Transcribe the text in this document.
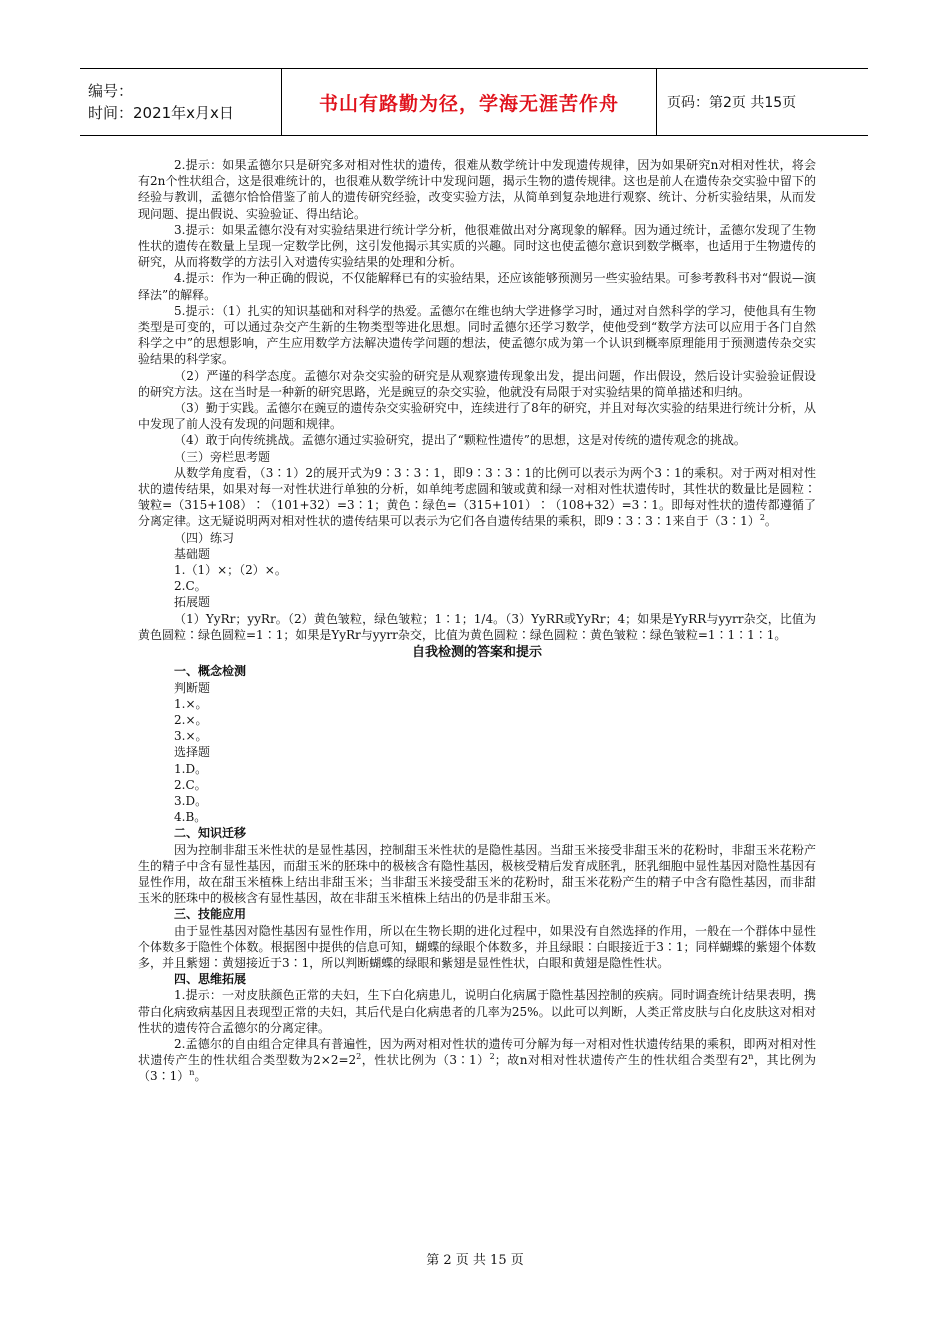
编号：
时间：2021年x月x日	书山有路勤为径，学海无涯苦作舟	页码：第2页 共15页

2.提示：如果孟德尔只是研究多对相对性状的遗传，很难从数学统计中发现遗传规律，因为如果研究n对相对性状，将会有2n个性状组合，这是很难统计的，也很难从数学统计中发现问题，揭示生物的遗传规律。这也是前人在遗传杂交实验中留下的经验与教训，孟德尔恰恰借鉴了前人的遗传研究经验，改变实验方法，从简单到复杂地进行观察、统计、分析实验结果，从而发现问题、提出假说、实验验证、得出结论。

3.提示：如果孟德尔没有对实验结果进行统计学分析，他很难做出对分离现象的解释。因为通过统计，孟德尔发现了生物性状的遗传在数量上呈现一定数学比例，这引发他揭示其实质的兴趣。同时这也使孟德尔意识到数学概率，也适用于生物遗传的研究，从而将数学的方法引入对遗传实验结果的处理和分析。

4.提示：作为一种正确的假说，不仅能解释已有的实验结果，还应该能够预测另一些实验结果。可参考教科书对“假说—演绎法”的解释。

5.提示：（1）扎实的知识基础和对科学的热爱。孟德尔在维也纳大学进修学习时，通过对自然科学的学习，使他具有生物类型是可变的，可以通过杂交产生新的生物类型等进化思想。同时孟德尔还学习数学，使他受到“数学方法可以应用于各门自然科学之中”的思想影响，产生应用数学方法解决遗传学问题的想法，使孟德尔成为第一个认识到概率原理能用于预测遗传杂交实验结果的科学家。

（2）严谨的科学态度。孟德尔对杂交实验的研究是从观察遗传现象出发，提出问题，作出假设，然后设计实验验证假设的研究方法。这在当时是一种新的研究思路，光是豌豆的杂交实验，他就没有局限于对实验结果的简单描述和归纳。

（3）勤于实践。孟德尔在豌豆的遗传杂交实验研究中，连续进行了8年的研究，并且对每次实验的结果进行统计分析，从中发现了前人没有发现的问题和规律。

（4）敢于向传统挑战。孟德尔通过实验研究，提出了“颗粒性遗传”的思想，这是对传统的遗传观念的挑战。

（三）旁栏思考题

从数学角度看，（3∶1）2的展开式为9∶3∶3∶1，即9∶3∶3∶1的比例可以表示为两个3∶1的乘积。对于两对相对性状的遗传结果，如果对每一对性状进行单独的分析，如单纯考虑圆和皱或黄和绿一对相对性状遗传时，其性状的数量比是圆粒∶皱粒=（315+108）∶（101+32）=3∶1；黄色∶绿色=（315+101）∶（108+32）=3∶1。即每对性状的遗传都遵循了分离定律。这无疑说明两对相对性状的遗传结果可以表示为它们各自遗传结果的乘积，即9∶3∶3∶1来自于（3∶1）$^2$。

（四）练习

基础题

1.（1）×；（2）×。

2.C。

拓展题

（1）YyRr；yyRr。（2）黄色皱粒，绿色皱粒；1∶1；1/4。（3）YyRR或YyRr；4；如果是YyRR与yyrr杂交，比值为黄色圆粒∶绿色圆粒=1∶1；如果是YyRr与yyrr杂交，比值为黄色圆粒∶绿色圆粒∶黄色皱粒∶绿色皱粒=1∶1∶1∶1。

自我检测的答案和提示

一、概念检测

判断题

1.×。

2.×。

3.×。

选择题

1.D。

2.C。

3.D。

4.B。

二、知识迁移

因为控制非甜玉米性状的是显性基因，控制甜玉米性状的是隐性基因。当甜玉米接受非甜玉米的花粉时，非甜玉米花粉产生的精子中含有显性基因，而甜玉米的胚珠中的极核含有隐性基因，极核受精后发育成胚乳，胚乳细胞中显性基因对隐性基因有显性作用，故在甜玉米植株上结出非甜玉米；当非甜玉米接受甜玉米的花粉时，甜玉米花粉产生的精子中含有隐性基因，而非甜玉米的胚珠中的极核含有显性基因，故在非甜玉米植株上结出的仍是非甜玉米。

三、技能应用

由于显性基因对隐性基因有显性作用，所以在生物长期的进化过程中，如果没有自然选择的作用，一般在一个群体中显性个体数多于隐性个体数。根据图中提供的信息可知，蝴蝶的绿眼个体数多，并且绿眼∶白眼接近于3∶1；同样蝴蝶的紫翅个体数多，并且紫翅∶黄翅接近于3∶1，所以判断蝴蝶的绿眼和紫翅是显性性状，白眼和黄翅是隐性性状。

四、思维拓展

1.提示：一对皮肤颜色正常的夫妇，生下白化病患儿，说明白化病属于隐性基因控制的疾病。同时调查统计结果表明，携带白化病致病基因且表现型正常的夫妇，其后代是白化病患者的几率为25%。以此可以判断，人类正常皮肤与白化皮肤这对相对性状的遗传符合孟德尔的分离定律。

2.孟德尔的自由组合定律具有普遍性，因为两对相对性状的遗传可分解为每一对相对性状遗传结果的乘积，即两对相对性状遗传产生的性状组合类型数为$2\times 2=2^2$，性状比例为（3∶1）$^2$；故n对相对性状遗传产生的性状组合类型有2$^n$，其比例为（3∶1）$^n$。

第 2 页 共 15 页
